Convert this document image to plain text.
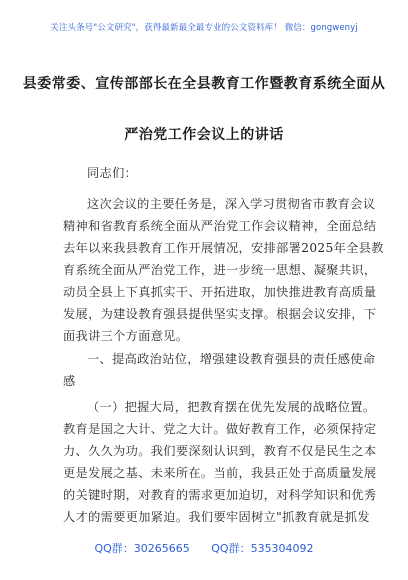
关注头条号"公文研究"，获得最新最全最专业的公文资料库！ 微信：gongwenyj
县委常委、宣传部部长在全县教育工作暨教育系统全面从
严治党工作会议上的讲话
同志们：
这次会议的主要任务是，深入学习贯彻省市教育会议
精神和省教育系统全面从严治党工作会议精神，全面总结
去年以来我县教育工作开展情况，安排部署2025年全县教
育系统全面从严治党工作，进一步统一思想、凝聚共识，
动员全县上下真抓实干、开拓进取，加快推进教育高质量
发展，为建设教育强县提供坚实支撑。根据会议安排，下
面我讲三个方面意见。
一、提高政治站位，增强建设教育强县的责任感使命
感
（一）把握大局，把教育摆在优先发展的战略位置。
教育是国之大计、党之大计。做好教育工作，必须保持定
力、久久为功。我们要深刻认识到，教育不仅是民生之本
更是发展之基、未来所在。当前，我县正处于高质量发展
的关键时期，对教育的需求更加迫切，对科学知识和优秀
人才的需要更加紧迫。我们要牢固树立"抓教育就是抓发
QQ群：30265665 QQ群：535304092
